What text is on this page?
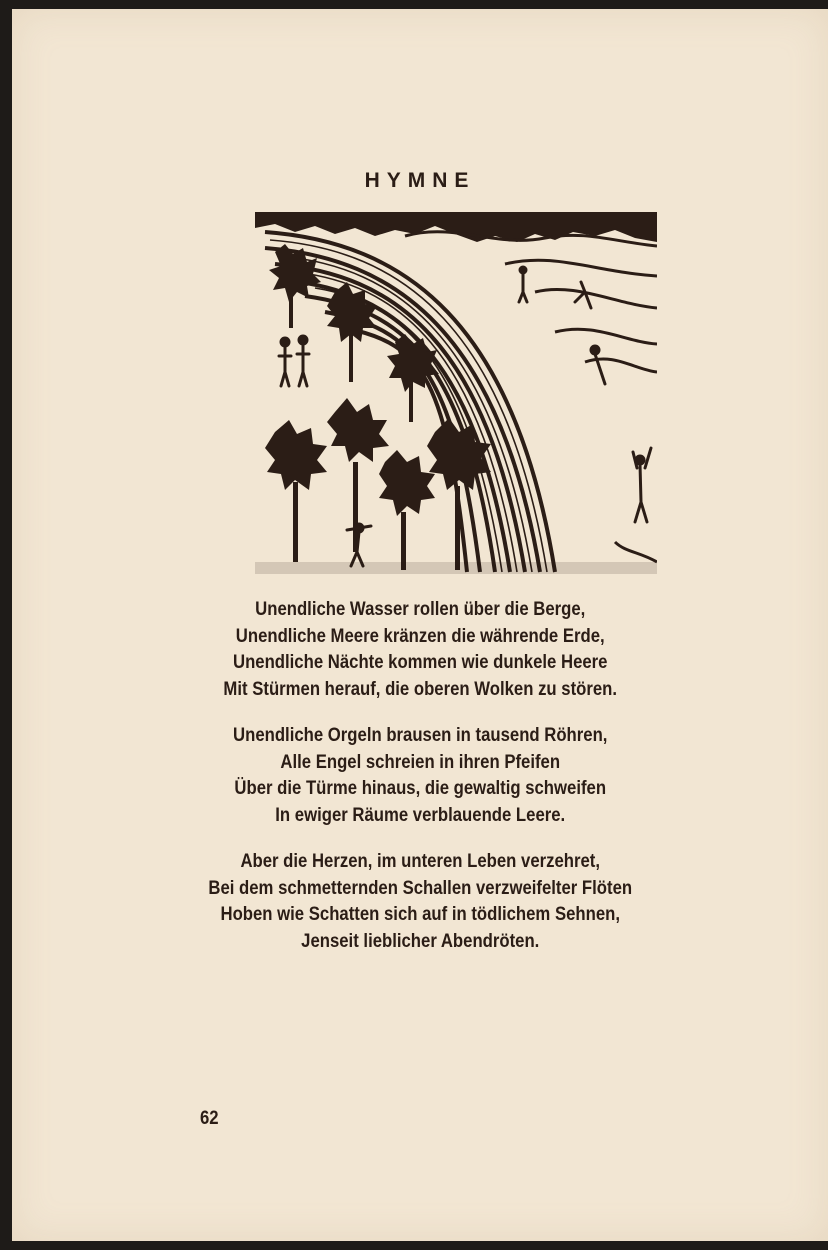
HYMNE
Unendliche Wasser rollen über die Berge,
Unendliche Meere kränzen die währende Erde,
Unendliche Nächte kommen wie dunkele Heere
Mit Stürmen herauf, die oberen Wolken zu stören.
Unendliche Orgeln brausen in tausend Röhren,
Alle Engel schreien in ihren Pfeifen
Über die Türme hinaus, die gewaltig schweifen
In ewiger Räume verblauende Leere.
Aber die Herzen, im unteren Leben verzehret,
Bei dem schmetternden Schallen verzweifelter Flöten
Hoben wie Schatten sich auf in tödlichem Sehnen,
Jenseit lieblicher Abendröten.
62
